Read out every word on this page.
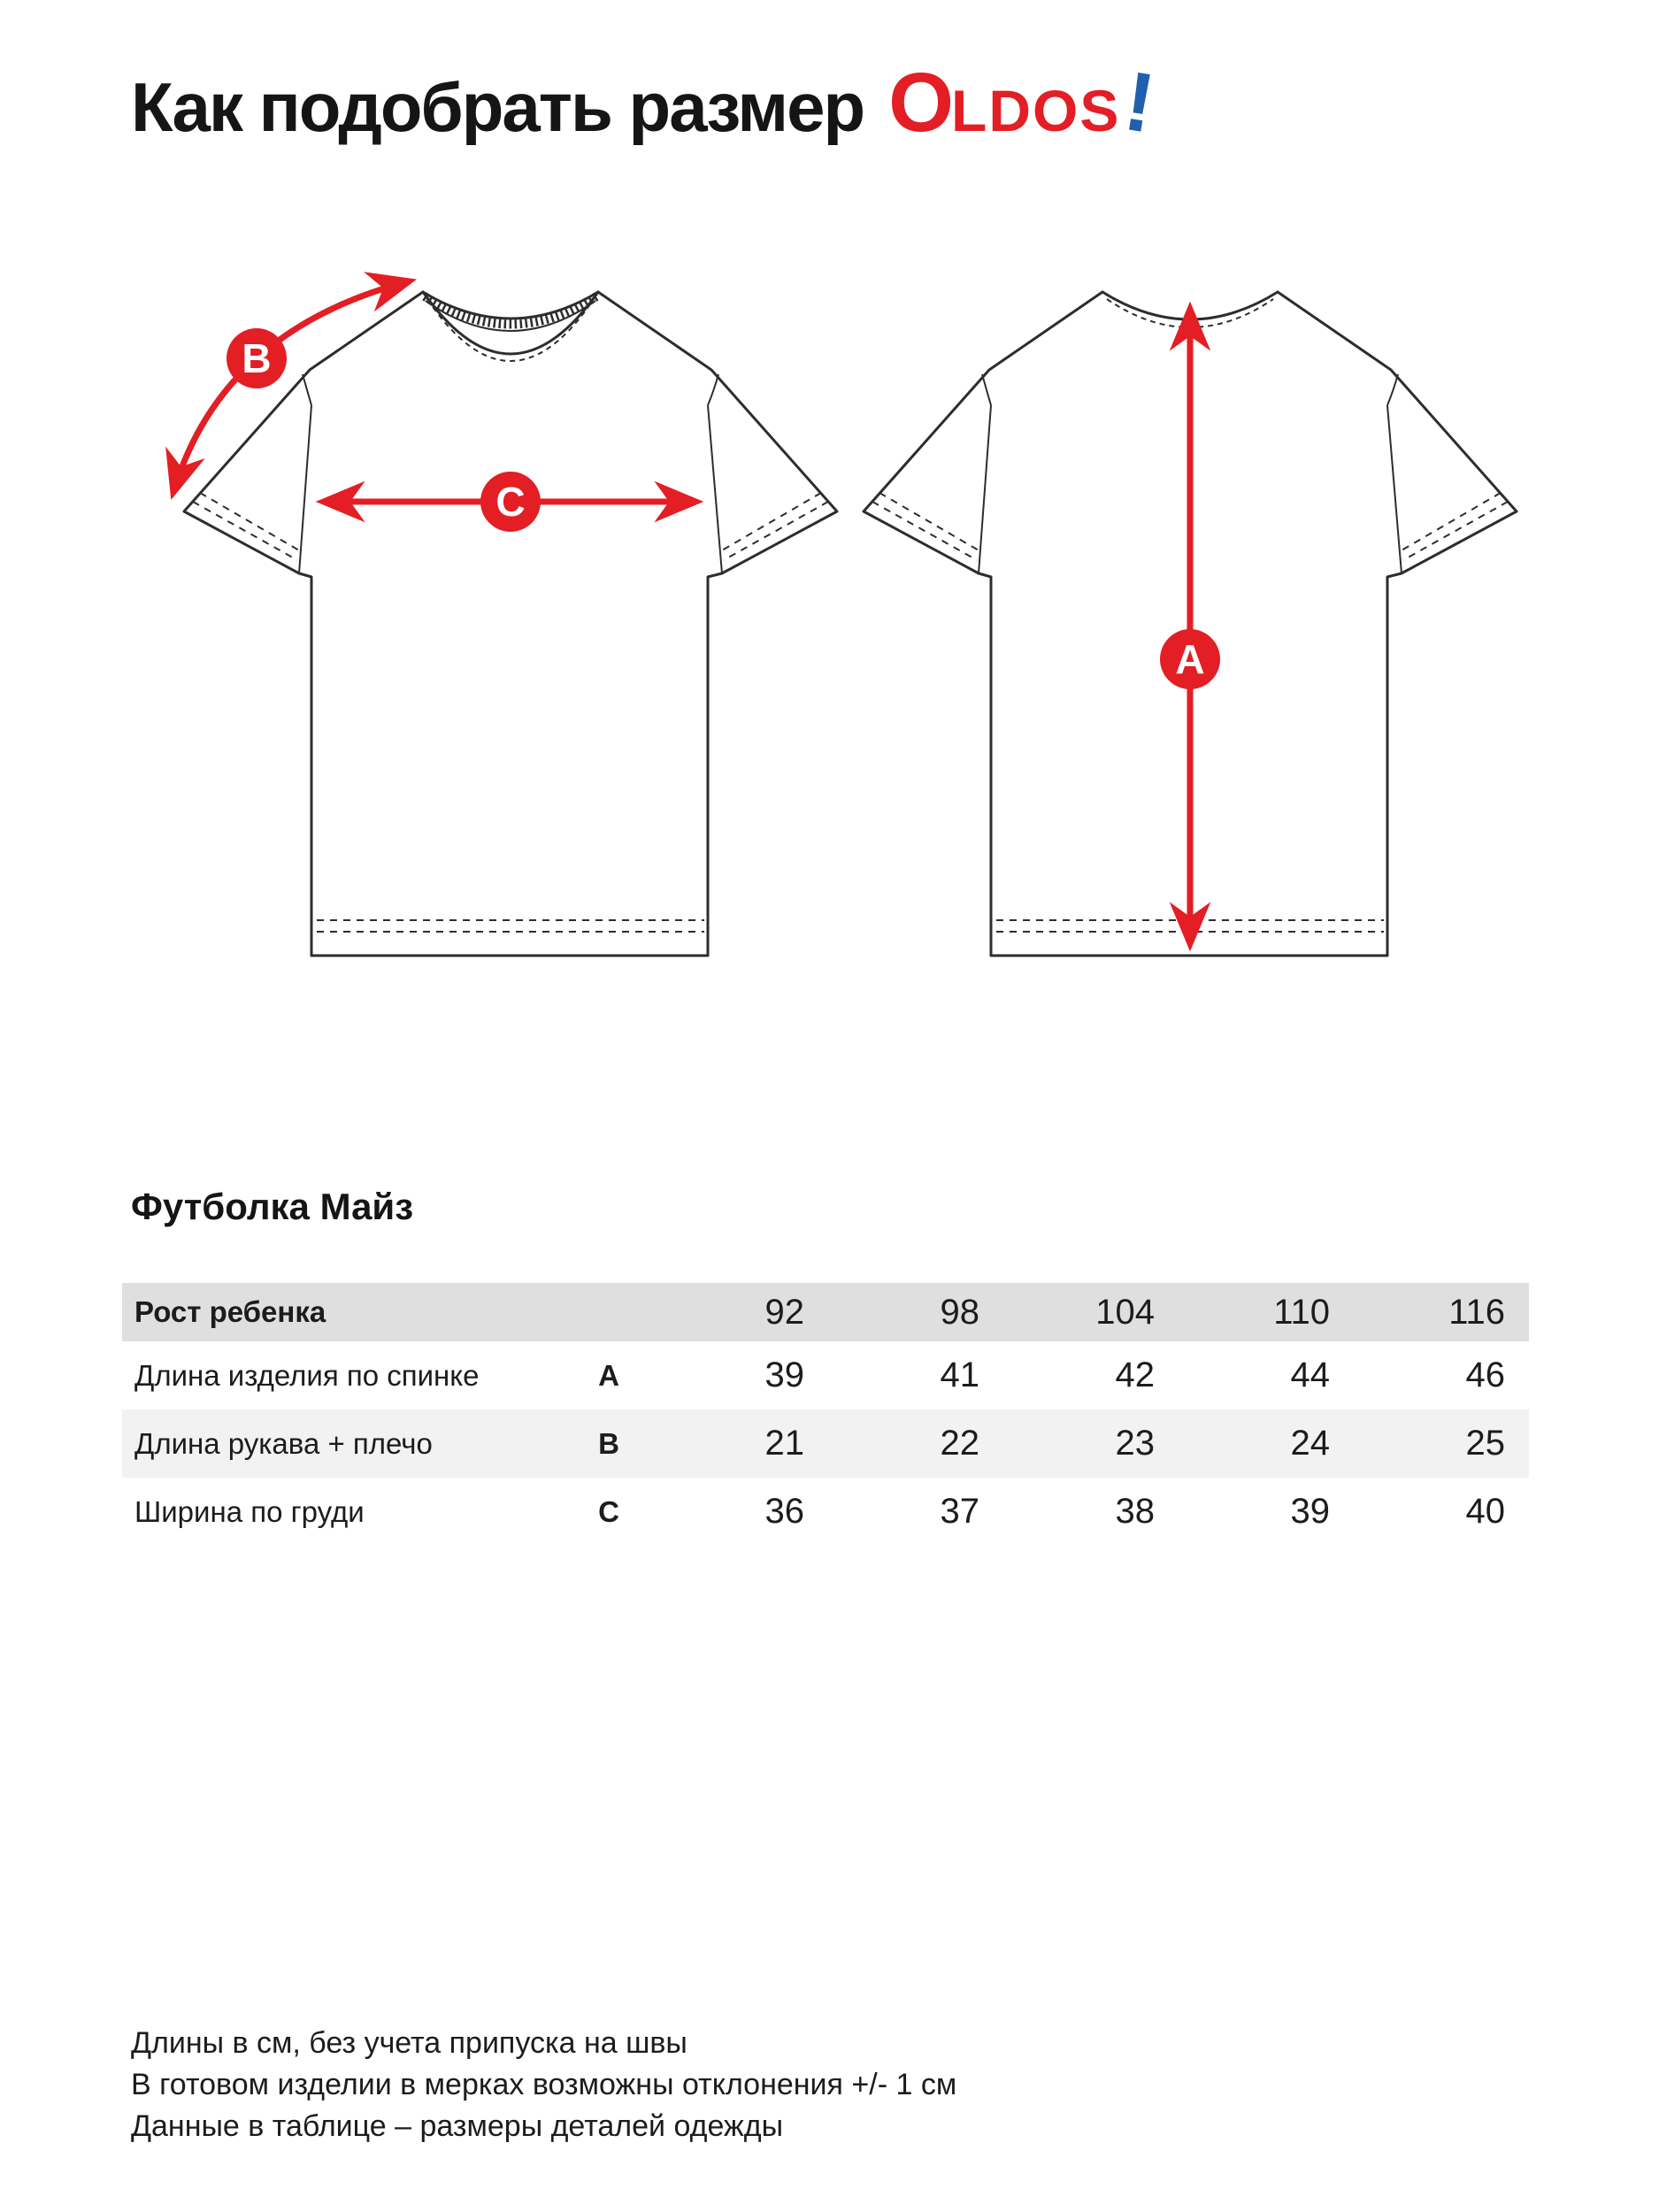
Как подобрать размер O LDOS
!
B
C
A
Футболка Майз
Рост ребенка		92	98	104	110	116
Длина изделия по спинке	A	39	41	42	44	46
Длина рукава + плечо	B	21	22	23	24	25
Ширина по груди	C	36	37	38	39	40

Длины в см, без учета припуска на швы

В готовом изделии в мерках возможны отклонения +/- 1 см

Данные в таблице – размеры деталей одежды
